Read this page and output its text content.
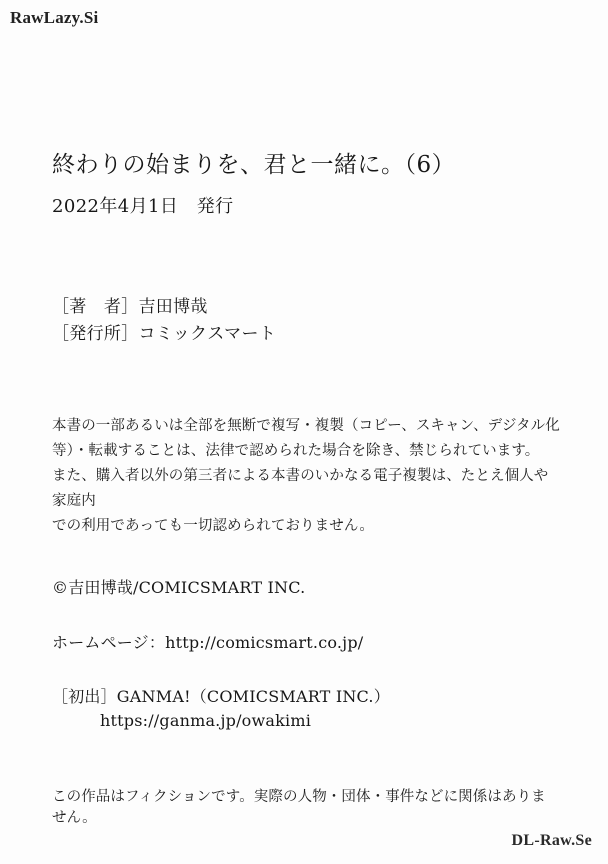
RawLazy.Si
終わりの始まりを、君と一緒に。（6）
2022年4月1日　発行
［著　者］吉田博哉
［発行所］コミックスマート

本書の一部あるいは全部を無断で複写・複製（コピー、スキャン、デジタル化

等）・転載することは、法律で認められた場合を除き、禁じられています。

また、購入者以外の第三者による本書のいかなる電子複製は、たとえ個人や家庭内

での利用であっても一切認められておりません。

©吉田博哉/COMICSMART INC.
ホームページ：http://comicsmart.co.jp/
［初出］GANMA!（COMICSMART INC.）
https://ganma.jp/owakimi
この作品はフィクションです。実際の人物・団体・事件などに関係はありません。
DL-Raw.Se
